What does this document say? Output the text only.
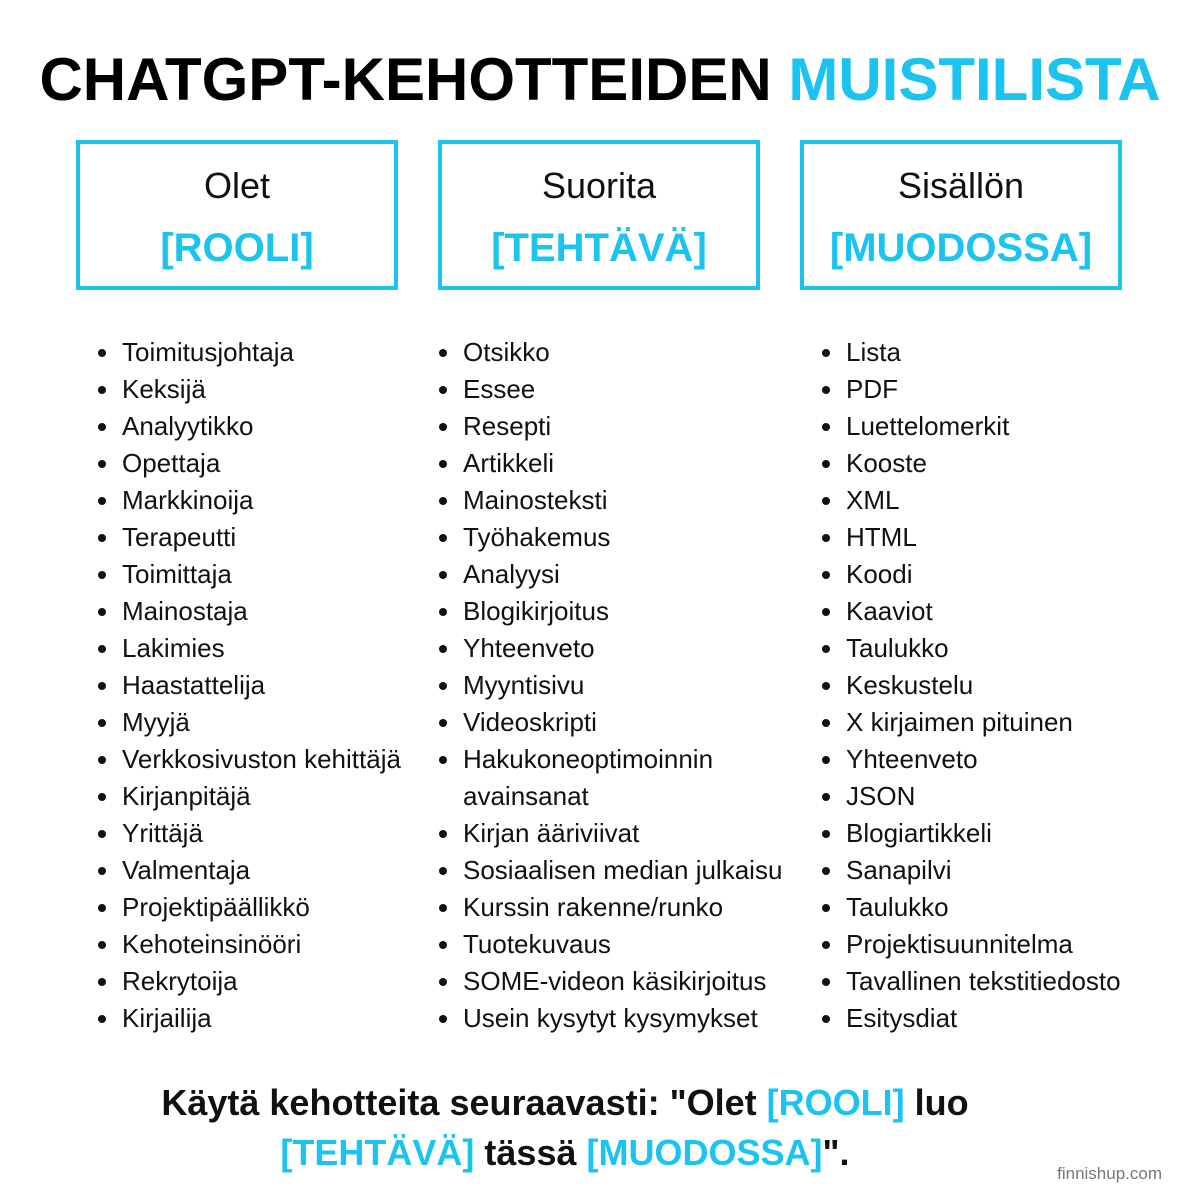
CHATGPT-KEHOTTEIDEN MUISTILISTA
Olet
[ROOLI]
Suorita
[TEHTÄVÄ]
Sisällön
[MUODOSSA]
Toimitusjohtaja
Keksijä
Analyytikko
Opettaja
Markkinoija
Terapeutti
Toimittaja
Mainostaja
Lakimies
Haastattelija
Myyjä
Verkkosivuston kehittäjä
Kirjanpitäjä
Yrittäjä
Valmentaja
Projektipäällikkö
Kehoteinsinööri
Rekrytoija
Kirjailija
Otsikko
Essee
Resepti
Artikkeli
Mainosteksti
Työhakemus
Analyysi
Blogikirjoitus
Yhteenveto
Myyntisivu
Videoskripti
Hakukoneoptimoinnin avainsanat
Kirjan ääriviivat
Sosiaalisen median julkaisu
Kurssin rakenne/runko
Tuotekuvaus
SOME-videon käsikirjoitus
Usein kysytyt kysymykset
Lista
PDF
Luettelomerkit
Kooste
XML
HTML
Koodi
Kaaviot
Taulukko
Keskustelu
X kirjaimen pituinen
Yhteenveto
JSON
Blogiartikkeli
Sanapilvi
Taulukko
Projektisuunnitelma
Tavallinen tekstitiedosto
Esitysdiat
Käytä kehotteita seuraavasti: "Olet [ROOLI] luo
[TEHTÄVÄ] tässä [MUODOSSA]".
finnishup.com
